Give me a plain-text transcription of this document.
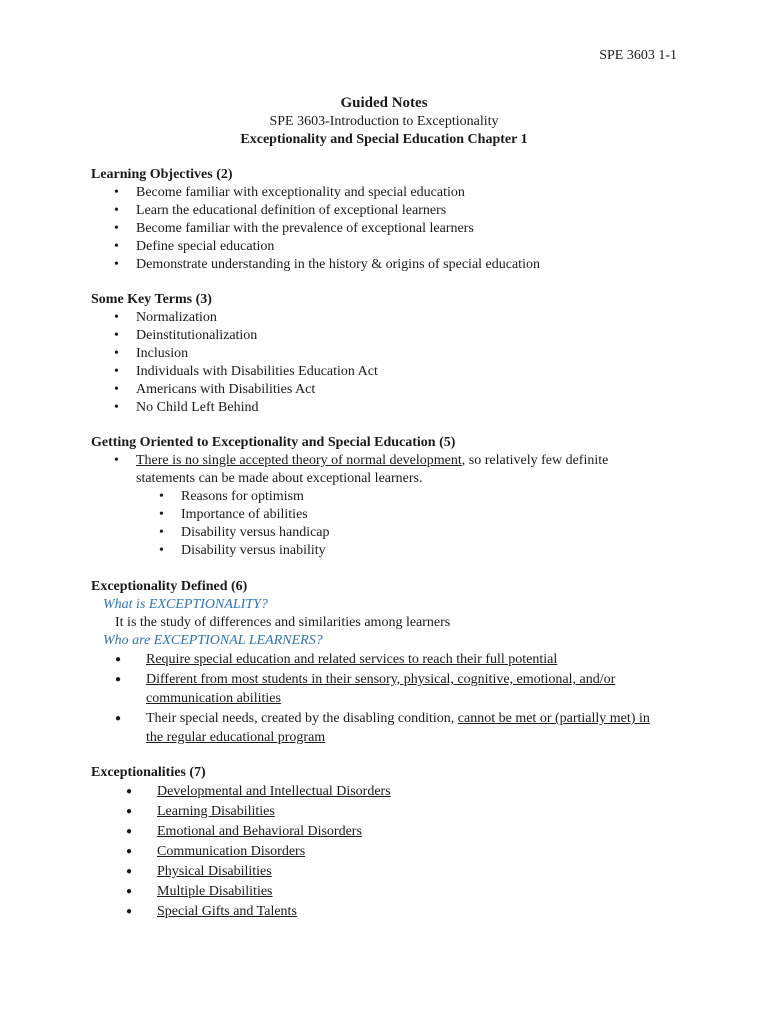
SPE 3603 1-1
Guided Notes
SPE 3603-Introduction to Exceptionality
Exceptionality and Special Education Chapter 1
Learning Objectives (2)
• Become familiar with exceptionality and special education
• Learn the educational definition of exceptional learners
• Become familiar with the prevalence of exceptional learners
• Define special education
• Demonstrate understanding in the history & origins of special education
Some Key Terms (3)
• Normalization
• Deinstitutionalization
• Inclusion
• Individuals with Disabilities Education Act
• Americans with Disabilities Act
• No Child Left Behind
Getting Oriented to Exceptionality and Special Education (5)
• There is no single accepted theory of normal development, so relatively few definite statements can be made about exceptional learners.
• Reasons for optimism
• Importance of abilities
• Disability versus handicap
• Disability versus inability
Exceptionality Defined (6)
What is EXCEPTIONALITY?
It is the study of differences and similarities among learners
Who are EXCEPTIONAL LEARNERS?
● Require special education and related services to reach their full potential
● Different from most students in their sensory, physical, cognitive, emotional, and/or communication abilities
● Their special needs, created by the disabling condition, cannot be met or (partially met) in the regular educational program
Exceptionalities (7)
● Developmental and Intellectual Disorders
● Learning Disabilities
● Emotional and Behavioral Disorders
● Communication Disorders
● Physical Disabilities
● Multiple Disabilities
● Special Gifts and Talents
